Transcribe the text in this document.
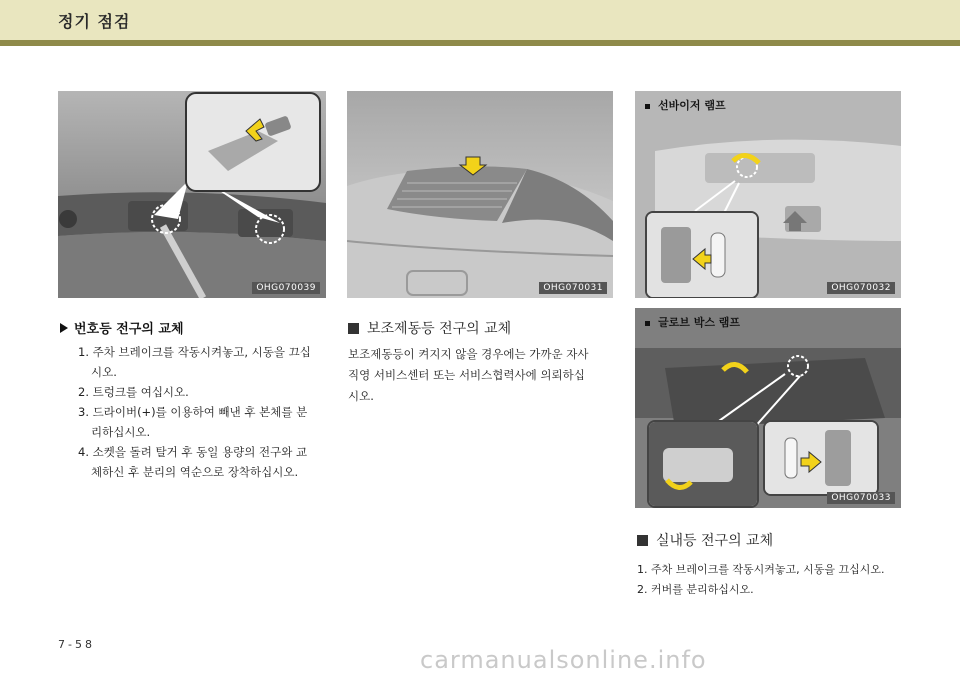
정기 점검
OHG070039	OHG070031
선바이저 램프
OHG070032
글로브 박스 램프
OHG070033
번호등 전구의 교체
1. 주차 브레이크를 작동시켜놓고, 시동을 끄십
시오.
2. 트렁크를 여십시오.
3. 드라이버(+)를 이용하여 빼낸 후 본체를 분
리하십시오.
4. 소켓을 돌려 탈거 후 동일 용량의 전구와 교
체하신 후 분리의 역순으로 장착하십시오.
보조제동등 전구의 교체
보조제동등이 켜지지 않을 경우에는 가까운 자사
직영 서비스센터 또는 서비스협력사에 의뢰하십
시오.
실내등 전구의 교체
1. 주차 브레이크를 작동시켜놓고, 시동을 끄십시오.
2. 커버를 분리하십시오.
7-58
carmanualsonline.info
